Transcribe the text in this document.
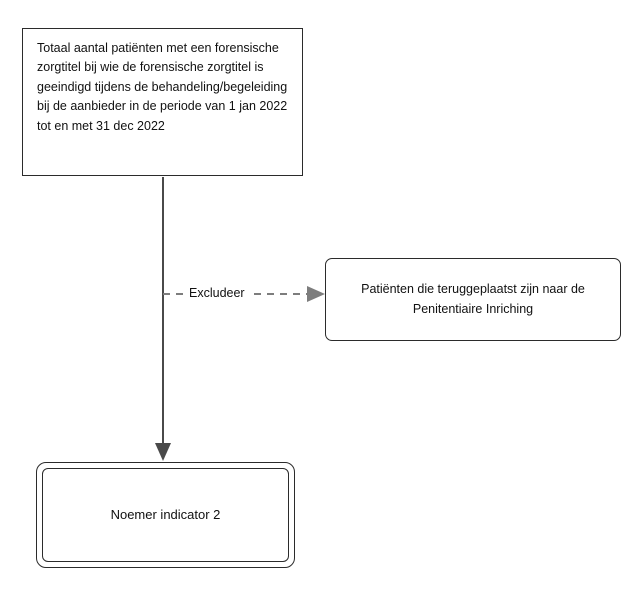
Totaal aantal patiënten met een forensische zorgtitel bij wie de forensische zorgtitel is geeindigd tijdens de behandeling/begeleiding bij de aanbieder in de periode van 1 jan 2022 tot en met 31 dec 2022
Excludeer	Patiënten die teruggeplaatst zijn naar de Penitentiaire Inriching
Noemer indicator 2
